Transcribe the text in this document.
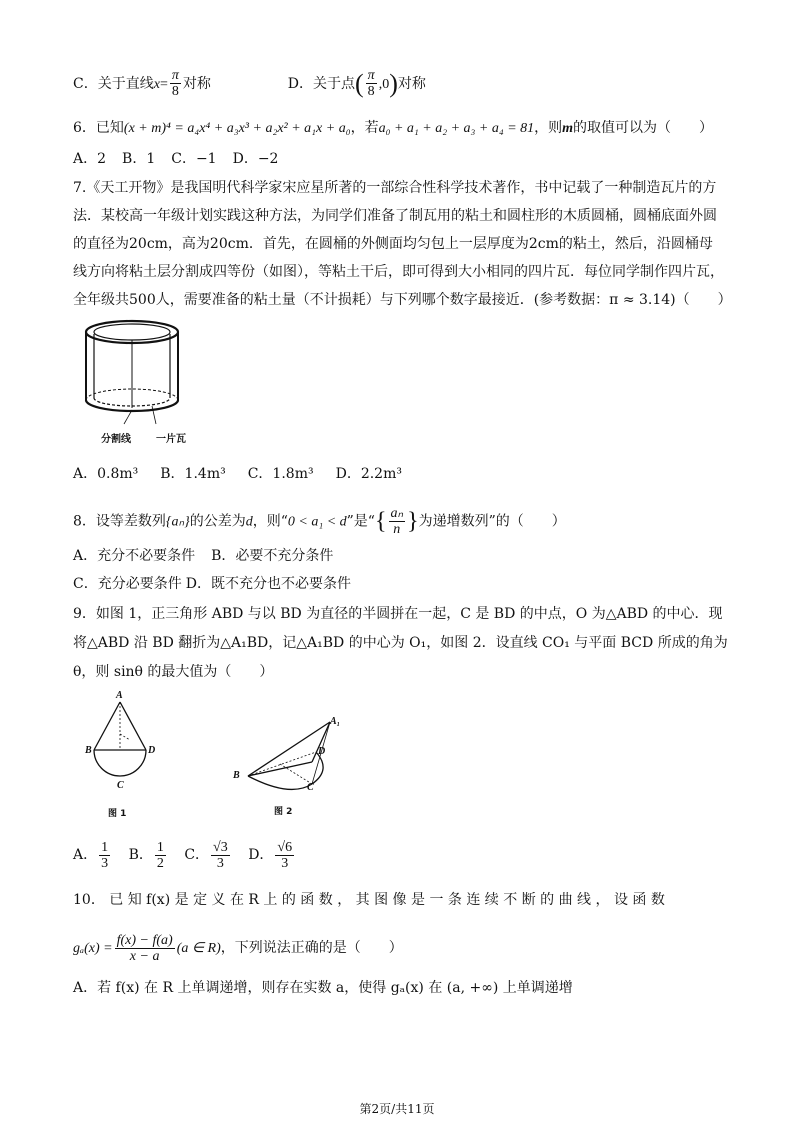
C．关于直线$x= \frac{\pi}{8}$ 对称	D．关于点( $\frac{\pi}{8} ,0$)对称
6．已知(x + m)⁴ = a₄x⁴ + a₃x³ + a₂x² + a₁x + a₀，若a₀ + a₁ + a₂ + a₃ + a₄ = 81，则m的取值可以为（　　）
A．2 B．1 C．−1 D．−2
7.《天工开物》是我国明代科学家宋应星所著的一部综合性科学技术著作，书中记载了一种制造瓦片的方
法．某校高一年级计划实践这种方法，为同学们准备了制瓦用的粘土和圆柱形的木质圆桶，圆桶底面外圆
的直径为20cm，高为20cm．首先，在圆桶的外侧面均匀包上一层厚度为2cm的粘土，然后，沿圆桶母
线方向将粘土层分割成四等份（如图），等粘土干后，即可得到大小相同的四片瓦．每位同学制作四片瓦，
全年级共500人，需要准备的粘土量（不计损耗）与下列哪个数字最接近．(参考数据：π ≈ 3.14)（　　）
分割线	一片瓦
A．0.8m³ B．1.4m³ C．1.8m³ D．2.2m³
8．设等差数列{aₙ}的公差为d，则“0 < a₁ < d”是“{ $\frac{\text{aₙ}}{n}$ }为递增数列”的（　　）
A．充分不必要条件 B．必要不充分条件
C．充分必要条件 D．既不充分也不必要条件
9．如图 1，正三角形 ABD 与以 BD 为直径的半圆拼在一起，C 是 BD 的中点，O 为△ABD 的中心．现
将△ABD 沿 BD 翻折为△A₁BD，记△A₁BD 的中心为 O₁，如图 2．设直线 CO₁ 与平面 BCD 所成的角为
θ，则 sinθ 的最大值为（　　）
A
B	D
C
图 1
A₁
B
D
C
图 2
A． $\frac{1}{3}$ B． $\frac{1}{2}$ C． $\frac{√3}{3}$ D． $\frac{√6}{3}$
10． 已 知 f(x) 是 定 义 在 R 上 的 函 数 ， 其 图 像 是 一 条 连 续 不 断 的 曲 线 ， 设 函 数
$g_a(x) = \frac{f(x) - f(a)}{x - a} (a$ ∈ R)，下列说法正确的是（　　）
A．若 f(x) 在 R 上单调递增，则存在实数 a，使得 gₐ(x) 在 (a, +∞) 上单调递增
第2页/共11页
